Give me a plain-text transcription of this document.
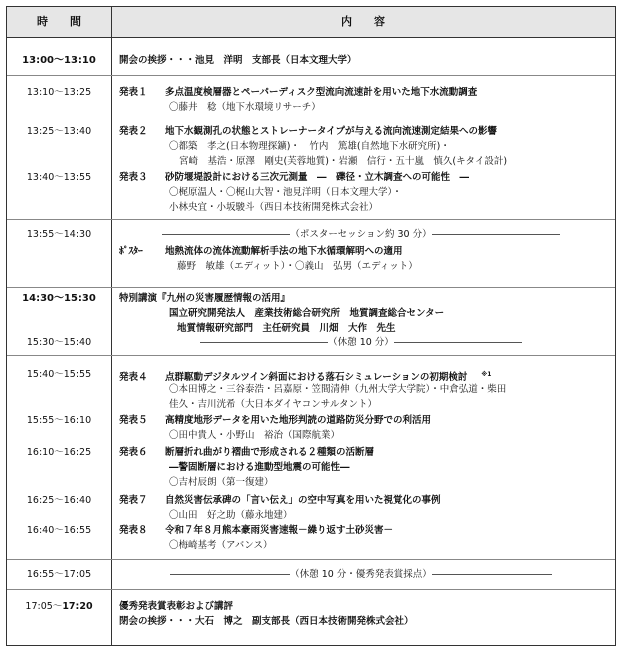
時　　間	内　　容
13:00～13:10	開会の挨拶・・・池見　洋明　支部長（日本文理大学）
13:10～13:25	発表１ 多点温度検層器とペーパーディスク型流向流速計を用いた地下水流動調査
〇藤井　稔（地下水環境リサーチ）
13:25～13:40	発表２ 地下水観測孔の状態とストレーナータイプが与える流向流速測定結果への影響
〇都築　孝之(日本物理探鑛)・　竹内　篤雄(自然地下水研究所)・
宮崎　基浩・原澤　剛史(芙蓉地質)・岩瀬　信行・五十嵐　慎久(キタイ設計)
13:40～13:55	発表３ 砂防堰堤設計における三次元測量　―　礫径・立木調査への可能性　―
〇梶原温人・〇梶山大智・池見洋明（日本文理大学）・
小林央宜・小坂駿斗（西日本技術開発株式会社）
13:55～14:30	（ポスターセッション約 30 分）
ﾎﾟｽﾀｰ 地熱流体の流体流動解析手法の地下水循環解明への適用
藤野　敏雄（エディット）・〇義山　弘男（エディット）
14:30～15:30	特別講演『九州の災害履歴情報の活用』
国立研究開発法人　産業技術総合研究所　地質調査総合センター
地質情報研究部門　主任研究員　川畑　大作　先生
15:30～15:40	（休憩 10 分）
15:40～15:55	発表４ 点群駆動デジタルツイン斜面における落石シミュレーションの初期検討 $^{※1}$
〇本田博之・三谷泰浩・呂嘉原・笠間清伸（九州大学大学院）・中倉弘道・柴田
佳久・吉川洸希（大日本ダイヤコンサルタント）
15:55～16:10	発表５ 高精度地形データを用いた地形判読の道路防災分野での利活用
〇田中貴人・小野山　裕治（国際航業）
16:10～16:25	発表６ 断層折れ曲がり褶曲で形成される２種類の活断層
―警固断層における進動型地震の可能性―
〇吉村辰朗（第一復建）
16:25～16:40	発表７ 自然災害伝承碑の「言い伝え」の空中写真を用いた視覚化の事例
〇山田　好之助（藤永地建）
16:40～16:55	発表８ 令和７年８月熊本豪雨災害速報－繰り返す土砂災害－
〇梅崎基考（アバンス）
16:55～17:05	（休憩 10 分・優秀発表賞採点）
17:05～17:20	優秀発表賞表彰および講評
閉会の挨拶・・・大石　博之　副支部長（西日本技術開発株式会社）
